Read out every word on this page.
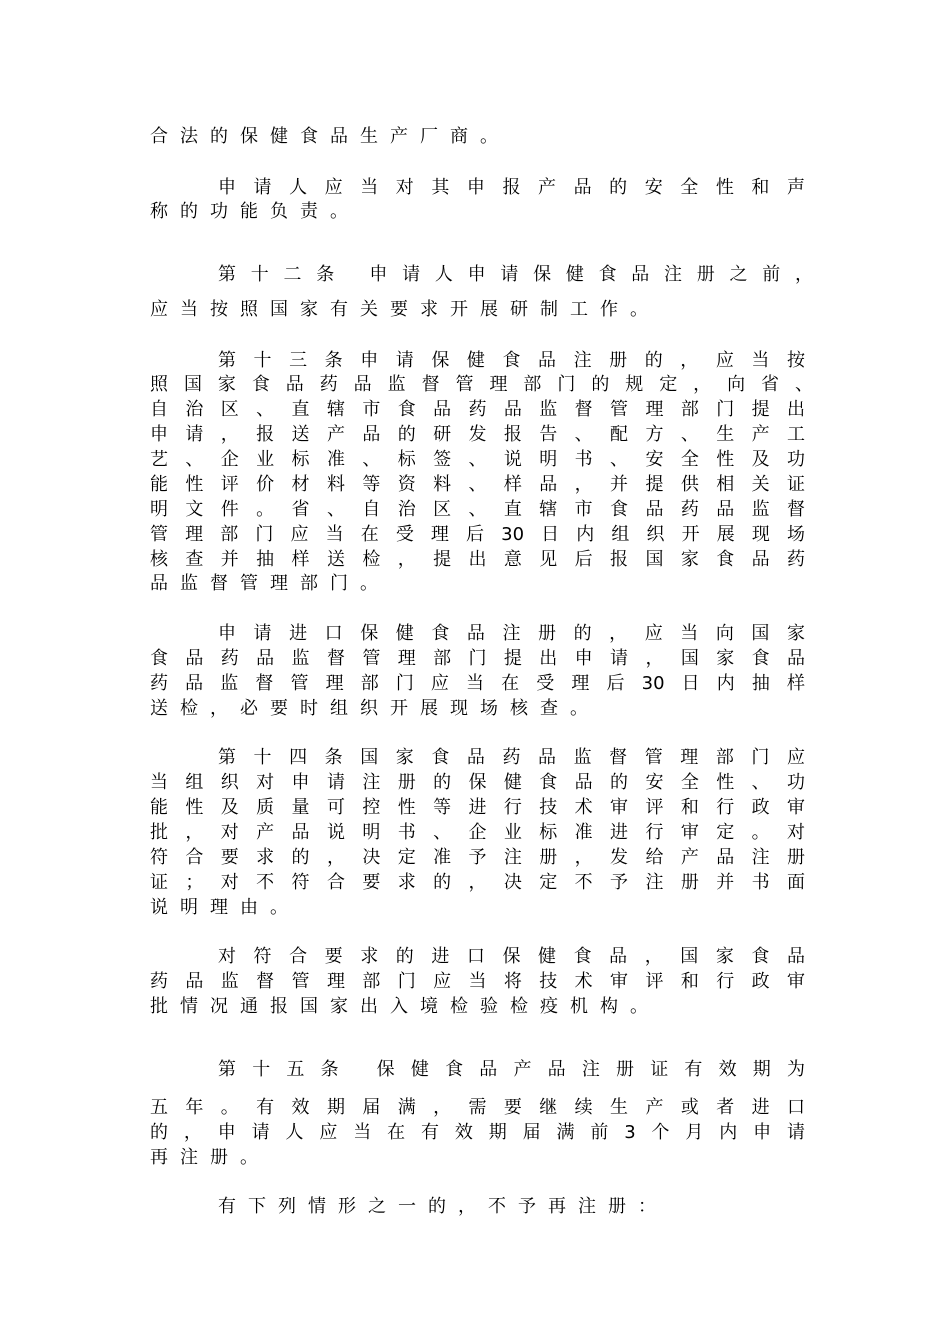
合法的保健食品生产厂商。
申请人应当对其申报产品的安全性和声
称的功能负责。
第十二条 申请人申请保健食品注册之前，
应当按照国家有关要求开展研制工作。
第十三条申请保健食品注册的，应当按
照国家食品药品监督管理部门的规定，向省、
自治区、直辖市食品药品监督管理部门提出
申请，报送产品的研发报告、配方、生产工
艺、企业标准、标签、说明书、安全性及功
能性评价材料等资料、样品，并提供相关证
明文件。省、自治区、直辖市食品药品监督
管理部门应当在受理后30日内组织开展现场
核查并抽样送检，提出意见后报国家食品药
品监督管理部门。
申请进口保健食品注册的，应当向国家
食品药品监督管理部门提出申请，国家食品
药品监督管理部门应当在受理后30日内抽样
送检，必要时组织开展现场核查。
第十四条国家食品药品监督管理部门应
当组织对申请注册的保健食品的安全性、功
能性及质量可控性等进行技术审评和行政审
批，对产品说明书、企业标准进行审定。对
符合要求的，决定准予注册，发给产品注册
证；对不符合要求的，决定不予注册并书面
说明理由。
对符合要求的进口保健食品，国家食品
药品监督管理部门应当将技术审评和行政审
批情况通报国家出入境检验检疫机构。
第十五条 保健食品产品注册证有效期为
五年。有效期届满，需要继续生产或者进口
的，申请人应当在有效期届满前3个月内申请
再注册。
有下列情形之一的，不予再注册：
